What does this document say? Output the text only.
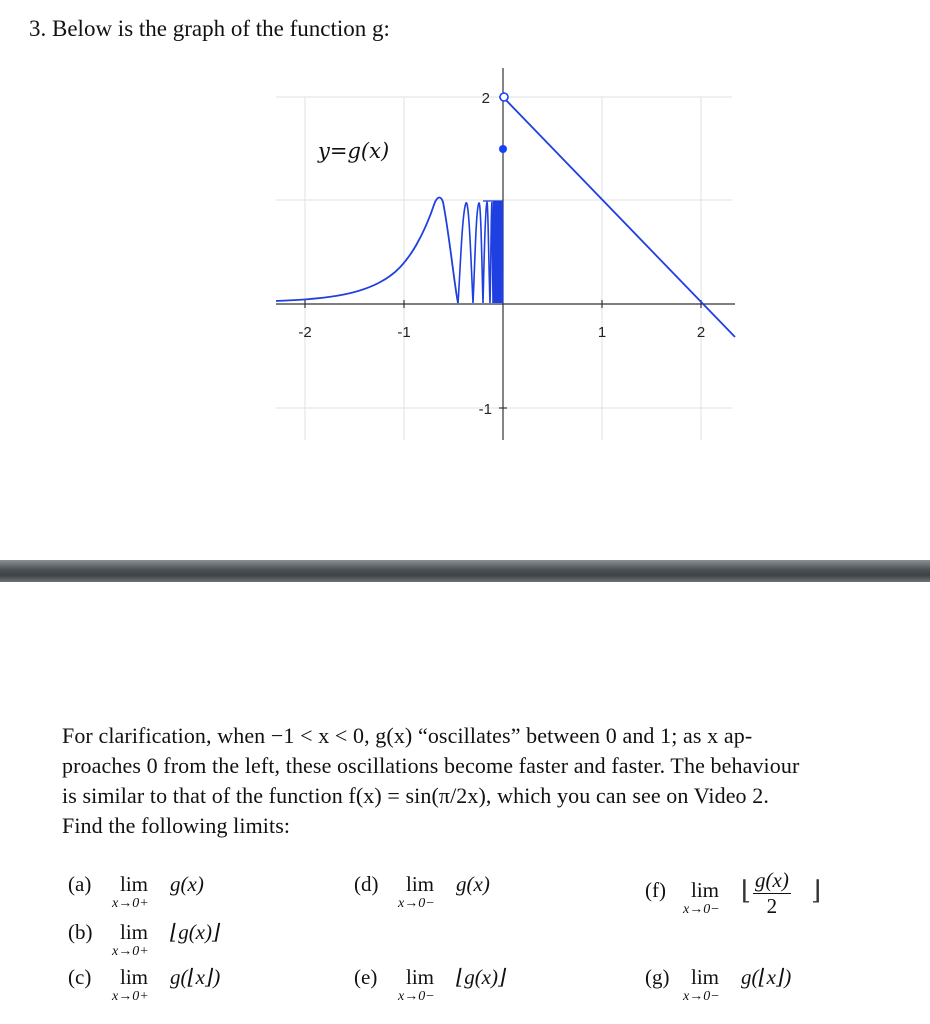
3. Below is the graph of the function g:
-2	-1	1	2
2
-1
y=g(x)
For clarification, when −1 < x < 0, g(x) “oscillates” between 0 and 1; as x ap-
proaches 0 from the left, these oscillations become faster and faster. The behaviour
is similar to that of the function f(x) = sin(π/2x), which you can see on Video 2.
Find the following limits:
(a) lim
x→0+
g(x)
(b) lim
x→0+
⌊g(x)⌋
(c) lim
x→0+
g(⌊x⌋)
(d) lim
x→0−
g(x)
(e) lim
x→0−
⌊g(x)⌋
(f) lim
x→0−
⌊ $\frac{g(x)}{2}$ ⌋
(g) lim
x→0−
g(⌊x⌋)
